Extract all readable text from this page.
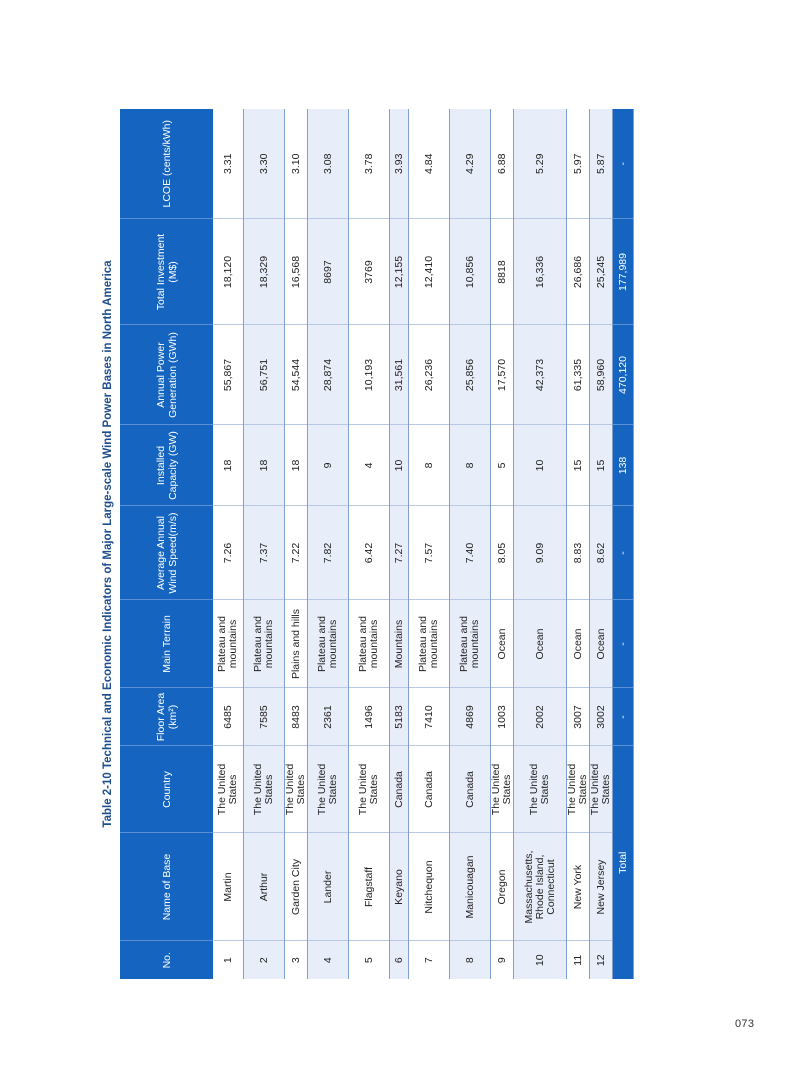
Table 2-10 Technical and Economic Indicators of Major Large-scale Wind Power Bases in North America
No.	Name of Base	Country	Floor Area (km²)	Main Terrain	Average Annual Wind Speed(m/s)	Installed Capacity (GW)	Annual Power Generation (GWh)	Total Investment (M$)	LCOE (cents/kWh)
1	Martin	The United States	6485	Plateau and mountains	7.26	18	55,867	18,120	3.31
2	Arthur	The United States	7585	Plateau and mountains	7.37	18	56,751	18,329	3.30
3	Garden City	The United States	8483	Plains and hills	7.22	18	54,544	16,568	3.10
4	Lander	The United States	2361	Plateau and mountains	7.82	9	28,874	8697	3.08
5	Flagstaff	The United States	1496	Plateau and mountains	6.42	4	10,193	3769	3.78
6	Keyano	Canada	5183	Mountains	7.27	10	31,561	12,155	3.93
7	Nitchequon	Canada	7410	Plateau and mountains	7.57	8	26,236	12,410	4.84
8	Manicouagan	Canada	4869	Plateau and mountains	7.40	8	25,856	10,856	4.29
9	Oregon	The United States	1003	Ocean	8.05	5	17,570	8818	6.88
10	Massachusetts, Rhode Island, Connecticut	The United States	2002	Ocean	9.09	10	42,373	16,336	5.29
11	New York	The United States	3007	Ocean	8.83	15	61,335	26,686	5.97
12	New Jersey	The United States	3002	Ocean	8.62	15	58,960	25,245	5.87
Total			-	-	-	138	470,120	177,989	-
073
